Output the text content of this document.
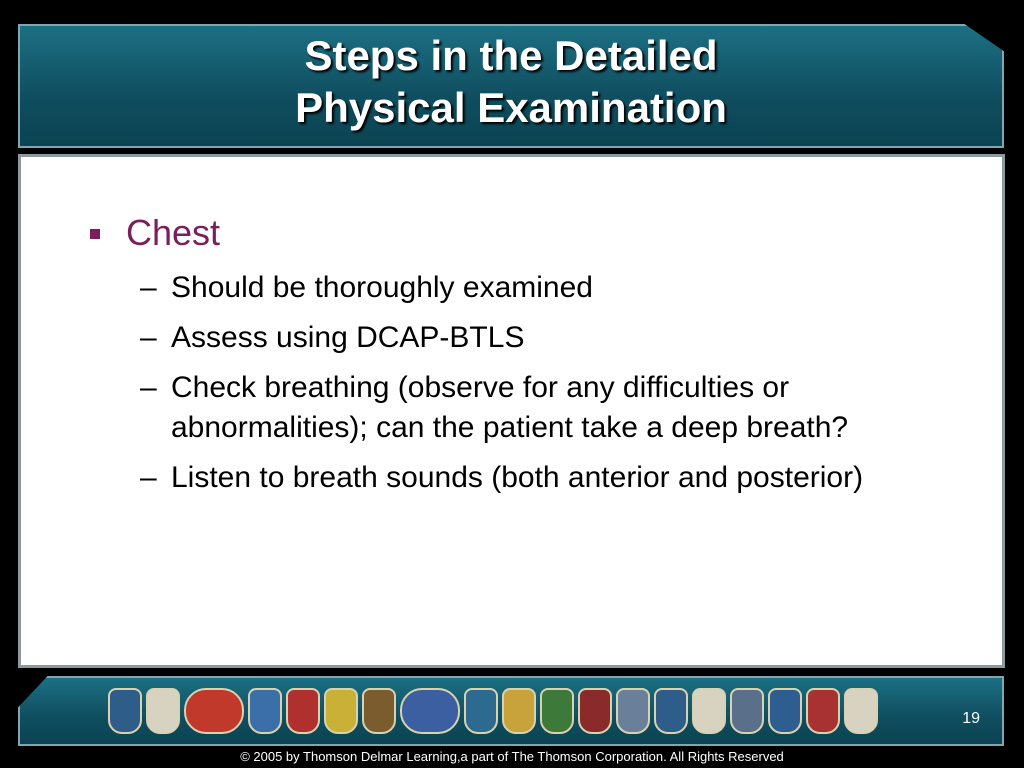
Steps in the Detailed
Physical Examination
Chest
– Should be thoroughly examined
– Assess using DCAP-BTLS
– Check breathing (observe for any difficulties or abnormalities); can the patient take a deep breath?
– Listen to breath sounds (both anterior and posterior)
19
© 2005 by Thomson Delmar Learning,a part of The Thomson Corporation. All Rights Reserved
